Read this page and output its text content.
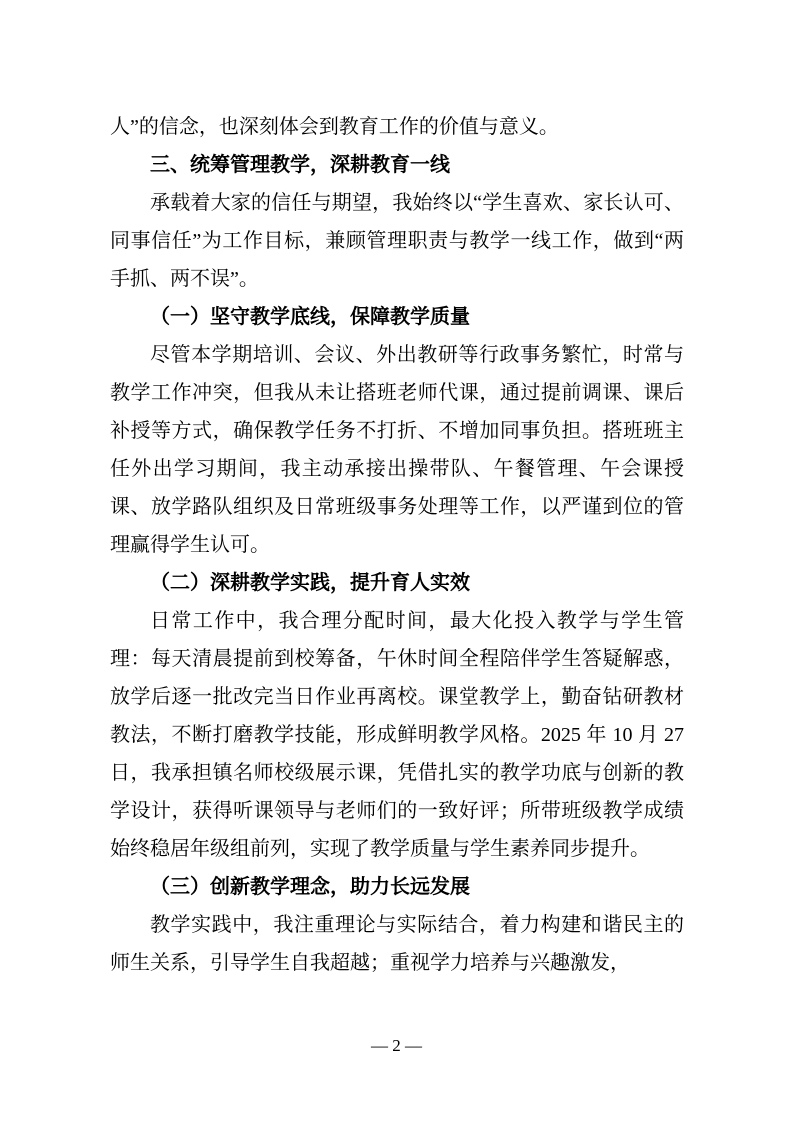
人”的信念，也深刻体会到教育工作的价值与意义。

三、统筹管理教学，深耕教育一线

承载着大家的信任与期望，我始终以“学生喜欢、家长认可、同事信任”为工作目标，兼顾管理职责与教学一线工作，做到“两手抓、两不误”。

（一）坚守教学底线，保障教学质量

尽管本学期培训、会议、外出教研等行政事务繁忙，时常与教学工作冲突，但我从未让搭班老师代课，通过提前调课、课后补授等方式，确保教学任务不打折、不增加同事负担。搭班班主任外出学习期间，我主动承接出操带队、午餐管理、午会课授课、放学路队组织及日常班级事务处理等工作，以严谨到位的管理赢得学生认可。

（二）深耕教学实践，提升育人实效

日常工作中，我合理分配时间，最大化投入教学与学生管理：每天清晨提前到校筹备，午休时间全程陪伴学生答疑解惑，放学后逐一批改完当日作业再离校。课堂教学上，勤奋钻研教材教法，不断打磨教学技能，形成鲜明教学风格。2025 年 10 月 27 日，我承担镇名师校级展示课，凭借扎实的教学功底与创新的教学设计，获得听课领导与老师们的一致好评；所带班级教学成绩始终稳居年级组前列，实现了教学质量与学生素养同步提升。

（三）创新教学理念，助力长远发展

教学实践中，我注重理论与实际结合，着力构建和谐民主的师生关系，引导学生自我超越；重视学力培养与兴趣激发，

— 2 —
